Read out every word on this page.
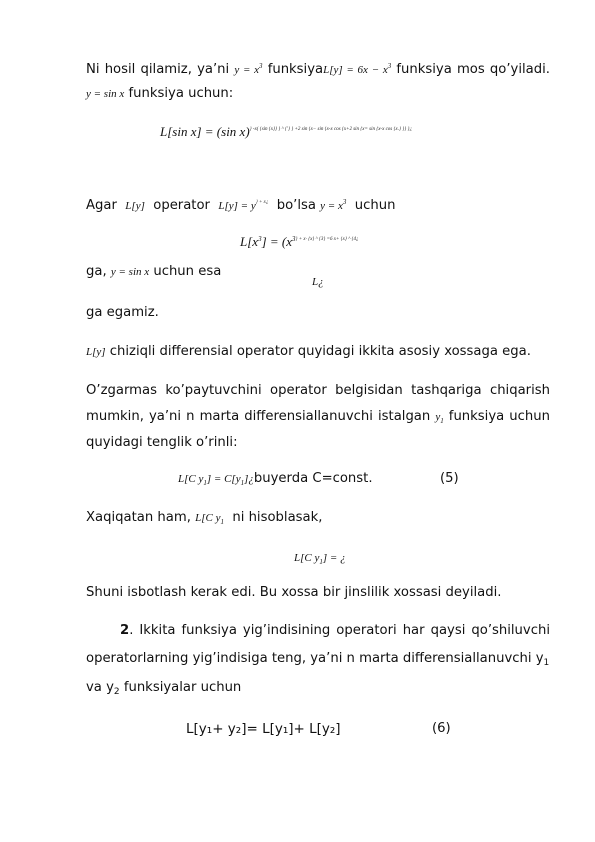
Ni hosil qilamiz, ya’ni $y = x^3$ funksiyaL[y] = $6x - x^3$ funksiya mos qo’yiladi.
y = sin x funksiya uchun:
L[sin x] = (sin x)$^{\} -x( \{sin \{x\}\} \} \^{} \{'\} \} +2 sin \{x- sin \{x-x cos \{x+2 sin \{x= sin \{x-x cos \{x.\} \}\} \}¿}$
Agar L[y] operator $L[y] = y^{\} + x¿}$ bo’lsa $y = x^3$ uchun
$L[x^3] = (x^{3\} + x\cdot \{x\} \^{} \{3\} =6 x+ \{x\} \^{} \{4¿}$
ga, y = sin x uchun esa
L¿
ga egamiz.
L[y] chiziqli differensial operator quyidagi ikkita asosiy xossaga ega.
O’zgarmas ko’paytuvchini operator belgisidan tashqariga chiqarish
mumkin, ya’ni n marta differensiallanuvchi istalgan $y_1$ funksiya uchun
quyidagi tenglik o’rinli:
L[C $y_1$] = $C[y_1]¿buyerda$ C=const.	(5)
Xaqiqatan ham, L[C $y_1$ ni hisoblasak,
L[C $y_1$] = ¿
Shuni isbotlash kerak edi. Bu xossa bir jinslilik xossasi deyiladi.
2. Ikkita funksiya yig’indisining operatori har qaysi qo’shiluvchi
operatorlarning yig’indisiga teng, ya’ni n marta differensiallanuvchi $y_1$
va $y_2$ funksiyalar uchun
L[y₁+ y₂]= L[y₁]+ L[y₂]	(6)
